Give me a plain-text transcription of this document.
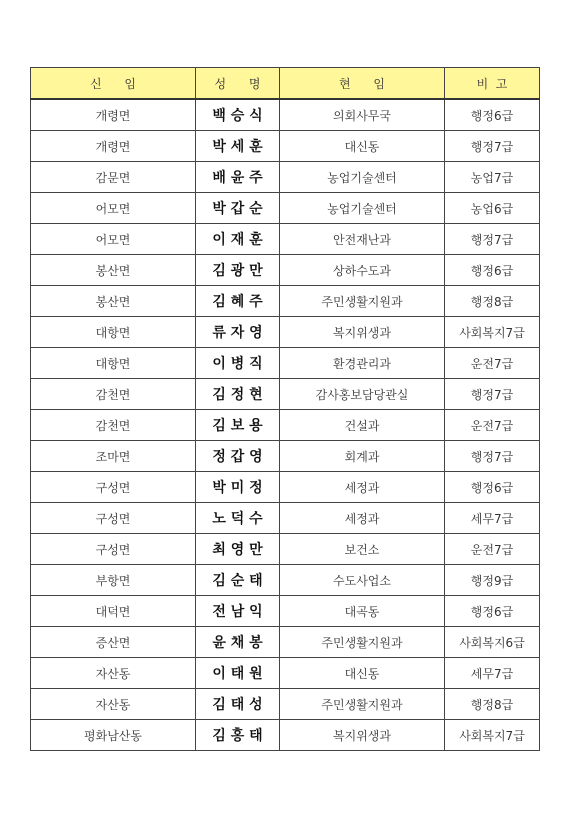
신      임	성      명	현      임	비  고
개령면	백 승 식	의회사무국	행정6급
개령면	박 세 훈	대신동	행정7급
감문면	배 윤 주	농업기술센터	농업7급
어모면	박 갑 순	농업기술센터	농업6급
어모면	이 재 훈	안전재난과	행정7급
봉산면	김 광 만	상하수도과	행정6급
봉산면	김 혜 주	주민생활지원과	행정8급
대항면	류 자 영	복지위생과	사회복지7급
대항면	이 병 직	환경관리과	운전7급
감천면	김 정 현	감사홍보담당관실	행정7급
감천면	김 보 용	건설과	운전7급
조마면	정 갑 영	회계과	행정7급
구성면	박 미 정	세정과	행정6급
구성면	노 덕 수	세정과	세무7급
구성면	최 영 만	보건소	운전7급
부항면	김 순 태	수도사업소	행정9급
대덕면	전 남 익	대곡동	행정6급
증산면	윤 채 봉	주민생활지원과	사회복지6급
자산동	이 태 원	대신동	세무7급
자산동	김 태 성	주민생활지원과	행정8급
평화남산동	김 홍 태	복지위생과	사회복지7급
